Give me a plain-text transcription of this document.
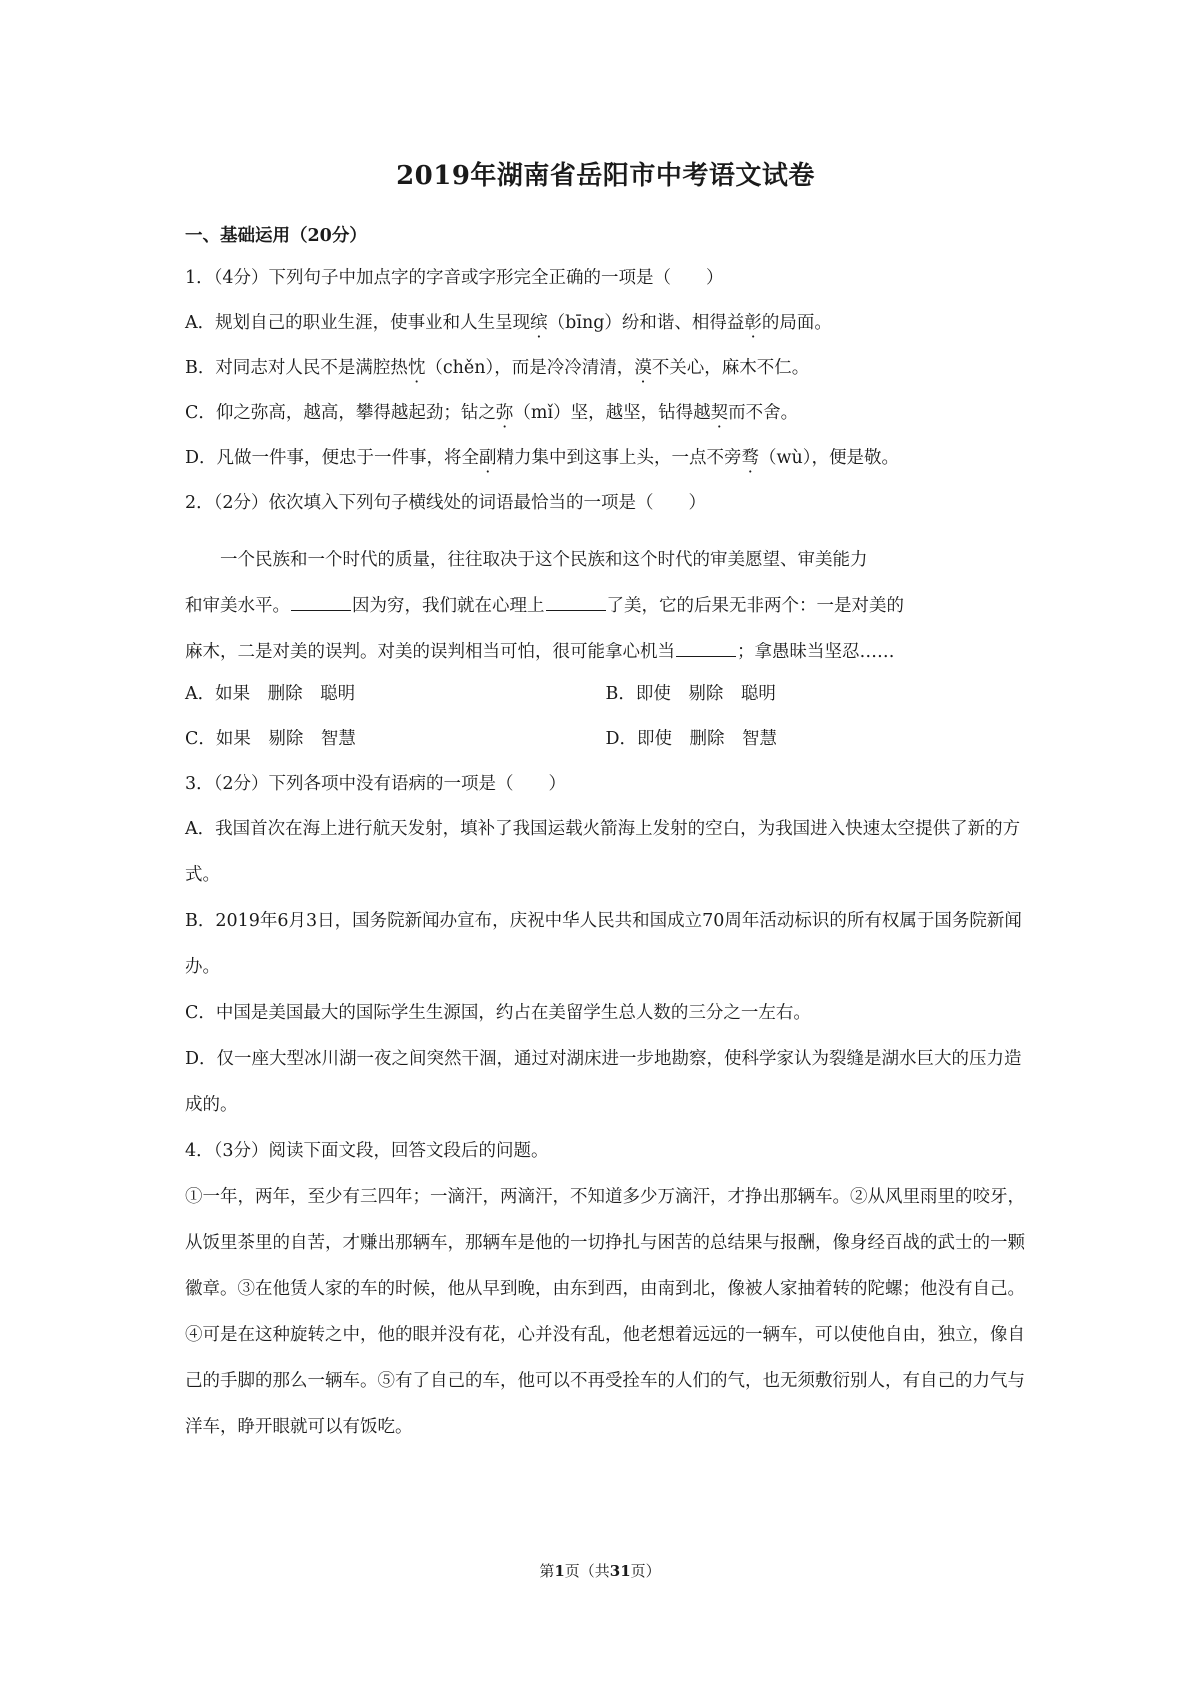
2019年湖南省岳阳市中考语文试卷
一、基础运用（20分）
1．（4分）下列句子中加点字的字音或字形完全正确的一项是（　　）
A．规划自己的职业生涯，使事业和人生呈现缤（bīng）纷和谐、相得益彰的局面。
B．对同志对人民不是满腔热忱（chěn），而是冷冷清清，漠不关心，麻木不仁。
C．仰之弥高，越高，攀得越起劲；钻之弥（mǐ）坚，越坚，钻得越契而不舍。
D．凡做一件事，便忠于一件事，将全副精力集中到这事上头，一点不旁骛（wù），便是敬。
2．（2分）依次填入下列句子横线处的词语最恰当的一项是（　　）
一个民族和一个时代的质量，往往取决于这个民族和这个时代的审美愿望、审美能力
和审美水平。	因为穷，我们就在心理上	了美，它的后果无非两个：一是对美的
麻木，二是对美的误判。对美的误判相当可怕，很可能拿心机当	；拿愚昧当坚忍……
A．如果　删除　聪明	B．即使　剔除　聪明
C．如果　剔除　智慧	D．即使　删除　智慧
3．（2分）下列各项中没有语病的一项是（　　）
A．我国首次在海上进行航天发射，填补了我国运载火箭海上发射的空白，为我国进入快速太空提供了新的方式。
B．2019年6月3日，国务院新闻办宣布，庆祝中华人民共和国成立70周年活动标识的所有权属于国务院新闻办。
C．中国是美国最大的国际学生生源国，约占在美留学生总人数的三分之一左右。
D．仅一座大型冰川湖一夜之间突然干涸，通过对湖床进一步地勘察，使科学家认为裂缝是湖水巨大的压力造成的。
4．（3分）阅读下面文段，回答文段后的问题。
①一年，两年，至少有三四年；一滴汗，两滴汗，不知道多少万滴汗，才挣出那辆车。②从风里雨里的咬牙，从饭里茶里的自苦，才赚出那辆车，那辆车是他的一切挣扎与困苦的总结果与报酬，像身经百战的武士的一颗徽章。③在他赁人家的车的时候，他从早到晚，由东到西，由南到北，像被人家抽着转的陀螺；他没有自己。④可是在这种旋转之中，他的眼并没有花，心并没有乱，他老想着远远的一辆车，可以使他自由，独立，像自己的手脚的那么一辆车。⑤有了自己的车，他可以不再受拴车的人们的气，也无须敷衍别人，有自己的力气与洋车，睁开眼就可以有饭吃。
第1页（共31页）
